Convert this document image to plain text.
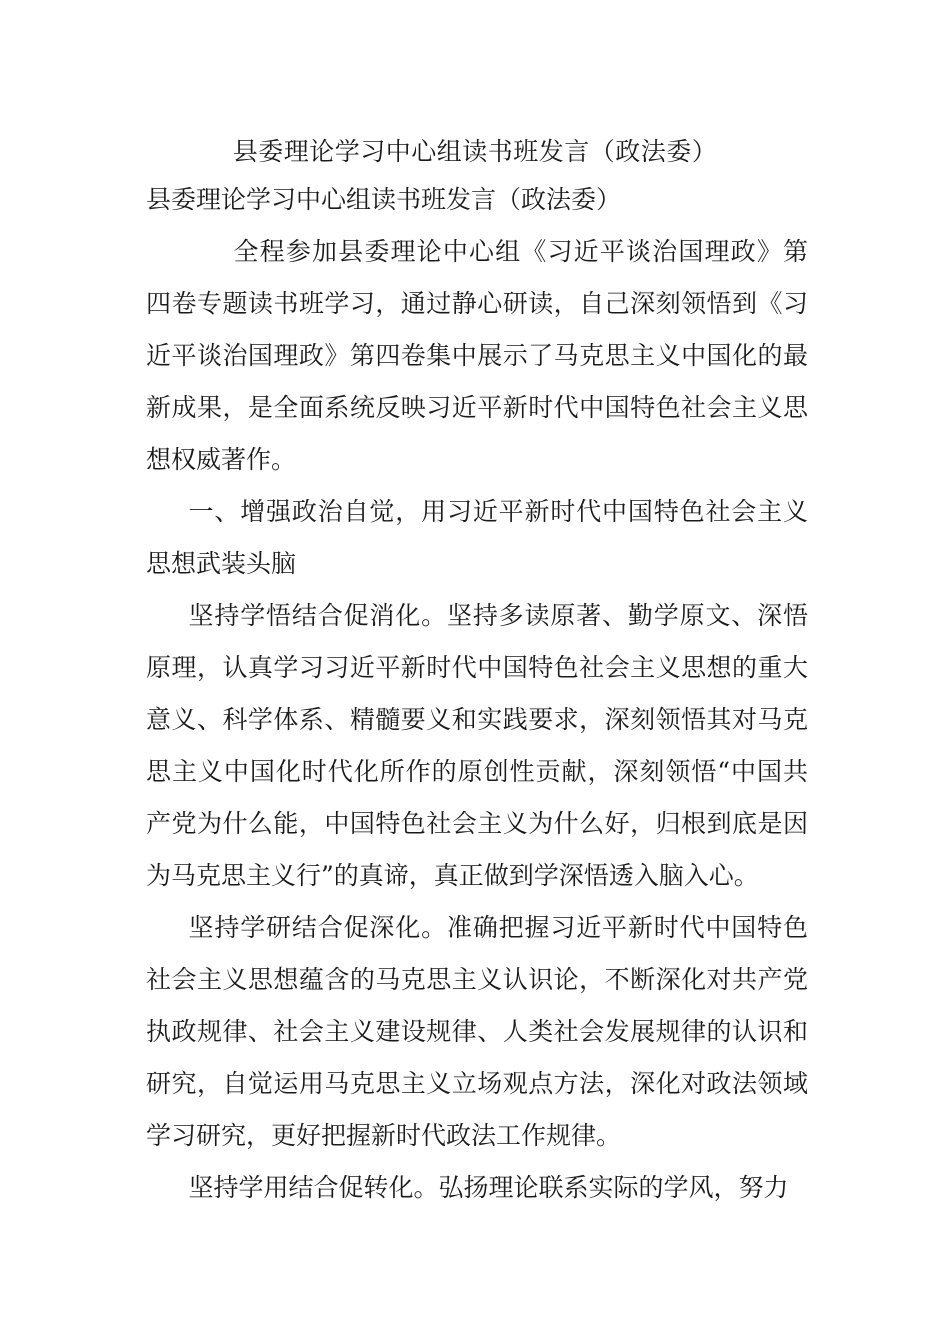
县委理论学习中心组读书班发言（政法委）
县委理论学习中心组读书班发言（政法委）

全程参加县委理论中心组《习近平谈治国理政》第四卷专题读书班学习，通过静心研读，自己深刻领悟到《习近平谈治国理政》第四卷集中展示了马克思主义中国化的最新成果，是全面系统反映习近平新时代中国特色社会主义思想权威著作。

一、增强政治自觉，用习近平新时代中国特色社会主义思想武装头脑

坚持学悟结合促消化。坚持多读原著、勤学原文、深悟原理，认真学习习近平新时代中国特色社会主义思想的重大意义、科学体系、精髓要义和实践要求，深刻领悟其对马克思主义中国化时代化所作的原创性贡献，深刻领悟“中国共产党为什么能，中国特色社会主义为什么好，归根到底是因为马克思主义行”的真谛，真正做到学深悟透入脑入心。

坚持学研结合促深化。准确把握习近平新时代中国特色社会主义思想蕴含的马克思主义认识论，不断深化对共产党执政规律、社会主义建设规律、人类社会发展规律的认识和研究，自觉运用马克思主义立场观点方法，深化对政法领域学习研究，更好把握新时代政法工作规律。

坚持学用结合促转化。弘扬理论联系实际的学风，努力
